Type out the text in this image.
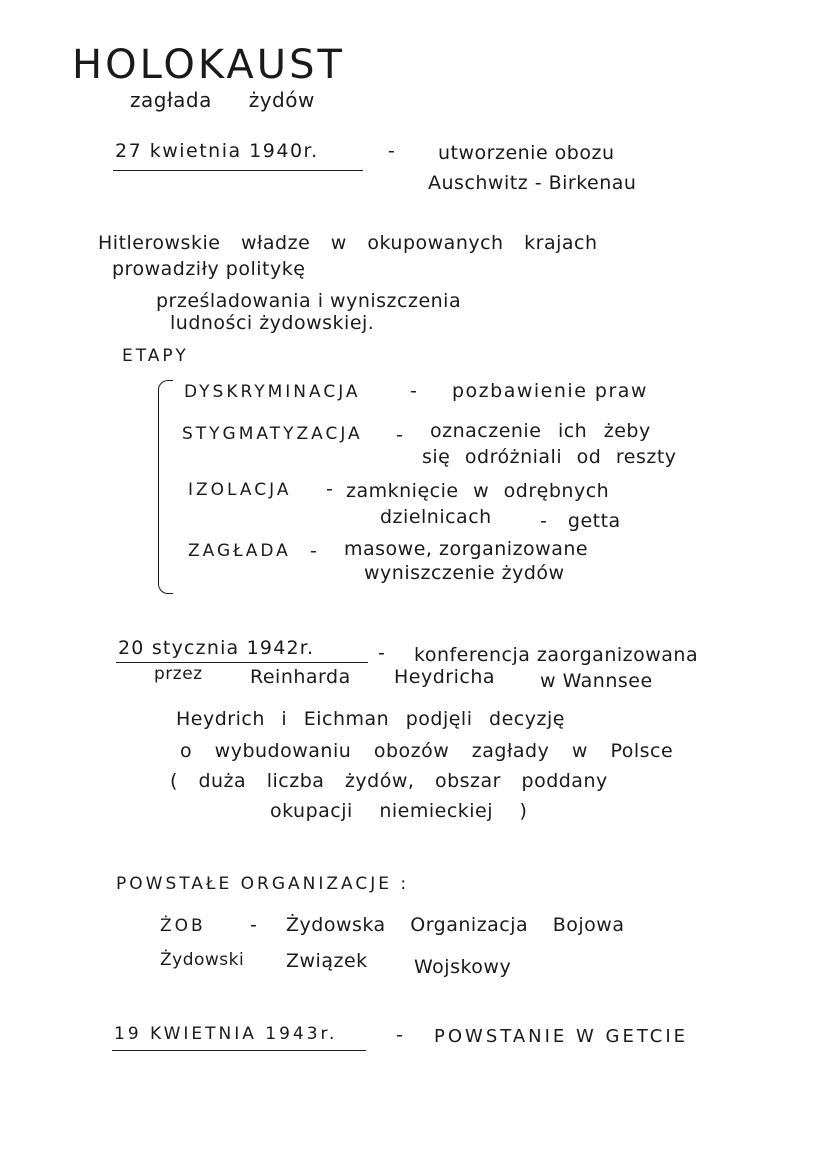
HOLOKAUST
zagłada żydów
27 kwietnia 1940r.	- utworzenie obozu
Auschwitz - Birkenau
Hitlerowskie władze w okupowanych krajach
prowadziły politykę
prześladowania i wyniszczenia
ludności żydowskiej.
ETAPY
DYSKRYMINACJA	- pozbawienie praw
STYGMATYZACJA - oznaczenie ich żeby
się odróżniali od reszty
IZOLACJA - zamknięcie w odrębnych
dzielnicach	- getta
ZAGŁADA - masowe, zorganizowane
wyniszczenie żydów
20 stycznia 1942r.	- konferencja zaorganizowana
przez Reinharda Heydricha w Wannsee
Heydrich i Eichman podjęli decyzję
o wybudowaniu obozów zagłady w Polsce
( duża liczba żydów, obszar poddany
okupacji niemieckiej )
POWSTAŁE ORGANIZACJE :
ŻOB - Żydowska Organizacja Bojowa
Żydowski Związek Wojskowy
19 KWIETNIA 1943r.	- POWSTANIE W GETCIE
